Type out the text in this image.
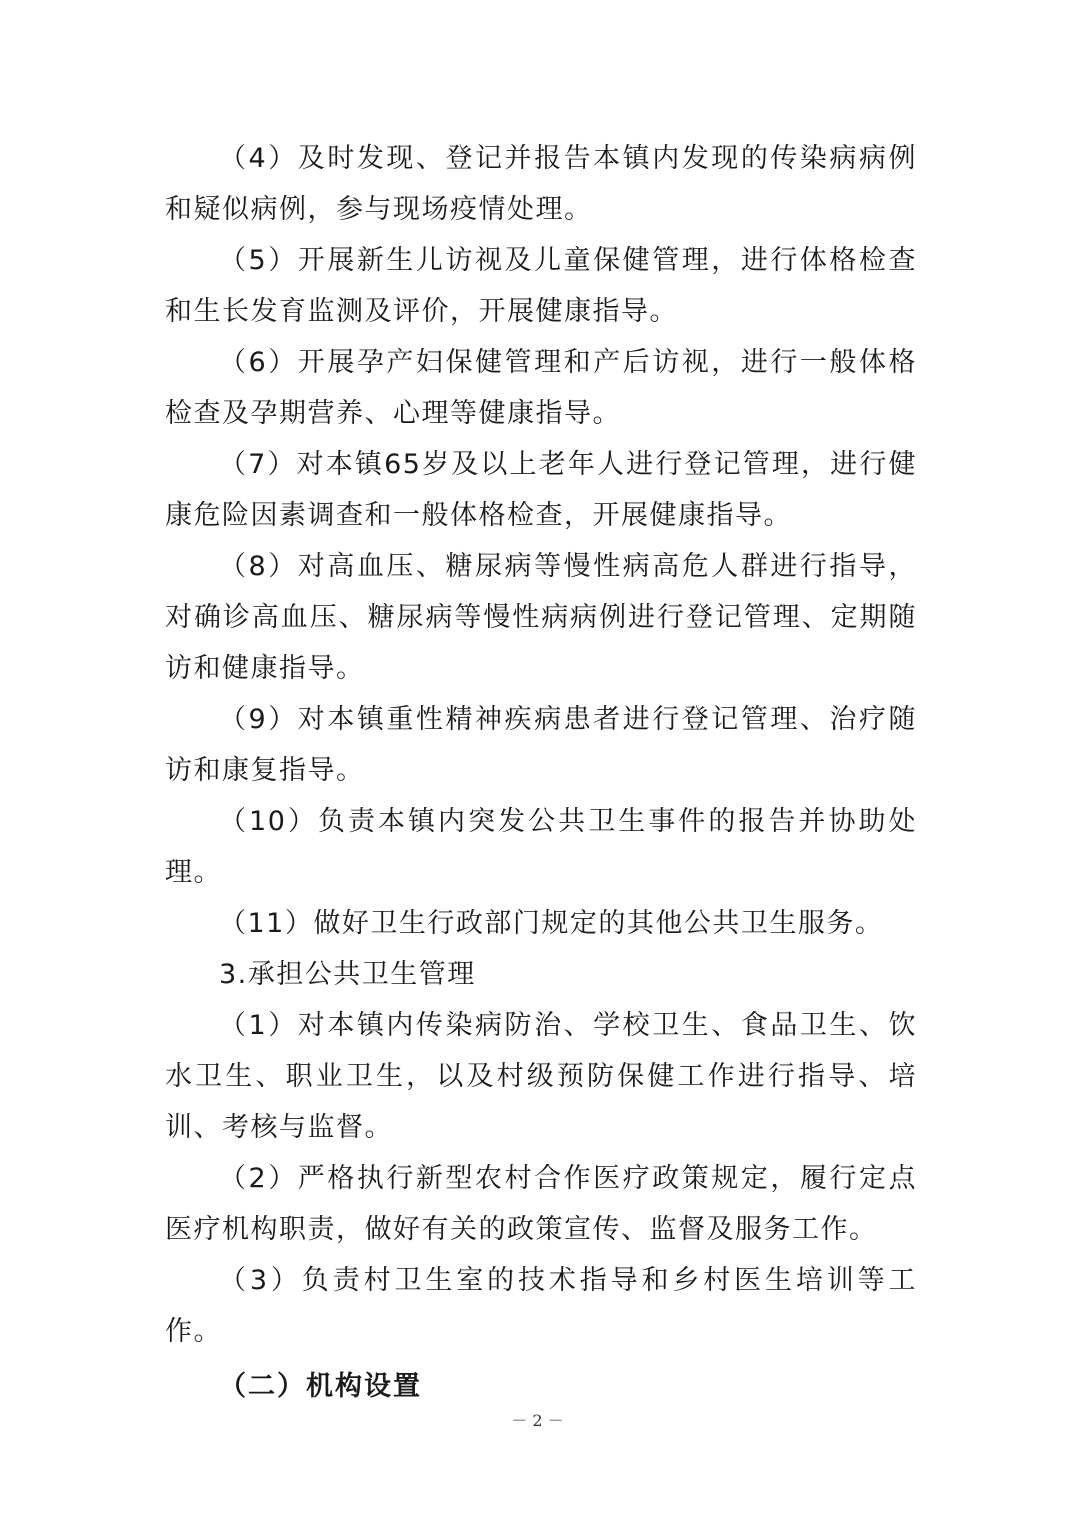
（4）及时发现、登记并报告本镇内发现的传染病病例和疑似病例，参与现场疫情处理。

（5）开展新生儿访视及儿童保健管理，进行体格检查和生长发育监测及评价，开展健康指导。

（6）开展孕产妇保健管理和产后访视，进行一般体格检查及孕期营养、心理等健康指导。

（7）对本镇65岁及以上老年人进行登记管理，进行健康危险因素调查和一般体格检查，开展健康指导。

（8）对高血压、糖尿病等慢性病高危人群进行指导，对确诊高血压、糖尿病等慢性病病例进行登记管理、定期随访和健康指导。

（9）对本镇重性精神疾病患者进行登记管理、治疗随访和康复指导。

（10）负责本镇内突发公共卫生事件的报告并协助处理。

（11）做好卫生行政部门规定的其他公共卫生服务。

3.承担公共卫生管理

（1）对本镇内传染病防治、学校卫生、食品卫生、饮水卫生、职业卫生，以及村级预防保健工作进行指导、培训、考核与监督。

（2）严格执行新型农村合作医疗政策规定，履行定点医疗机构职责，做好有关的政策宣传、监督及服务工作。

（3）负责村卫生室的技术指导和乡村医生培训等工作。

（二）机构设置

－ 2 －
